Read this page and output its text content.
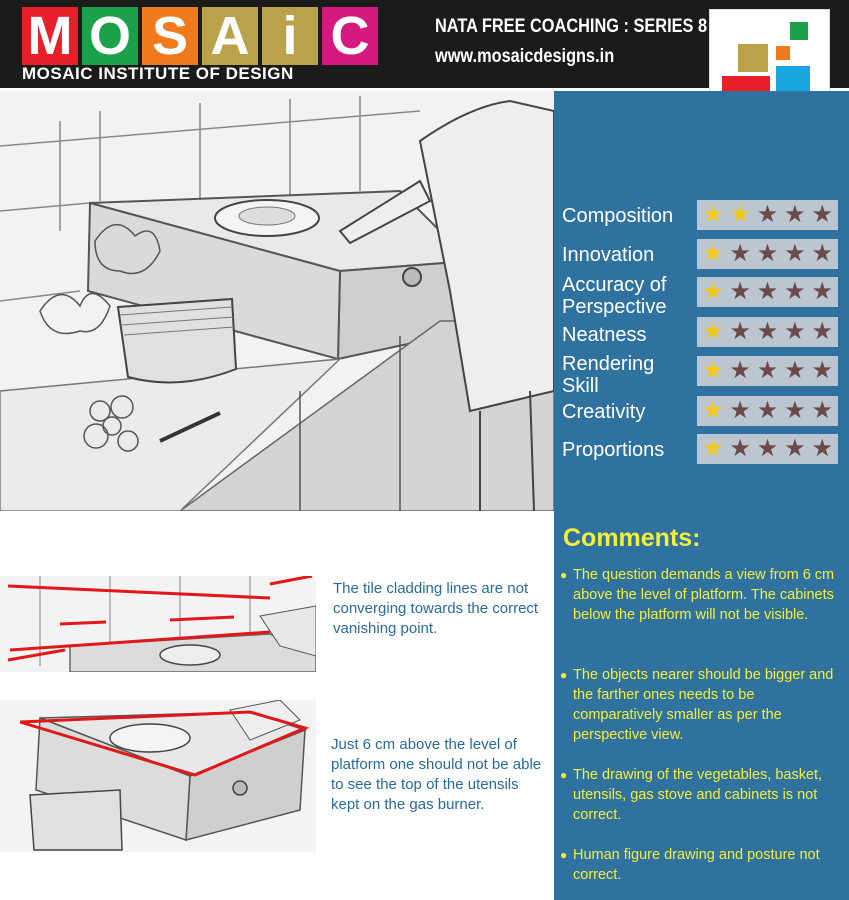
M O S A i C
MOSAIC INSTITUTE OF DESIGN
NATA FREE COACHING : SERIES 8
www.mosaicdesigns.in
Composition
Innovation
Accuracy of Perspective
Neatness
Rendering Skill
Creativity
Proportions
★ ★ ★ ★ ★
★ ★ ★ ★ ★
★ ★ ★ ★ ★
★ ★ ★ ★ ★
★ ★ ★ ★ ★
★ ★ ★ ★ ★
★ ★ ★ ★ ★
Comments:
● The question demands a view from 6 cm above the level of platform. The cabinets below the platform will not be visible.
● The objects nearer should be bigger and the farther ones needs to be comparatively smaller as per the perspective view.
● The drawing of the vegetables, basket, utensils, gas stove and cabinets is not correct.
● Human figure drawing and posture not correct.
The tile cladding lines are not converging towards the correct vanishing point.
Just 6 cm above the level of platform one should not be able to see the top of the utensils kept on the gas burner.
